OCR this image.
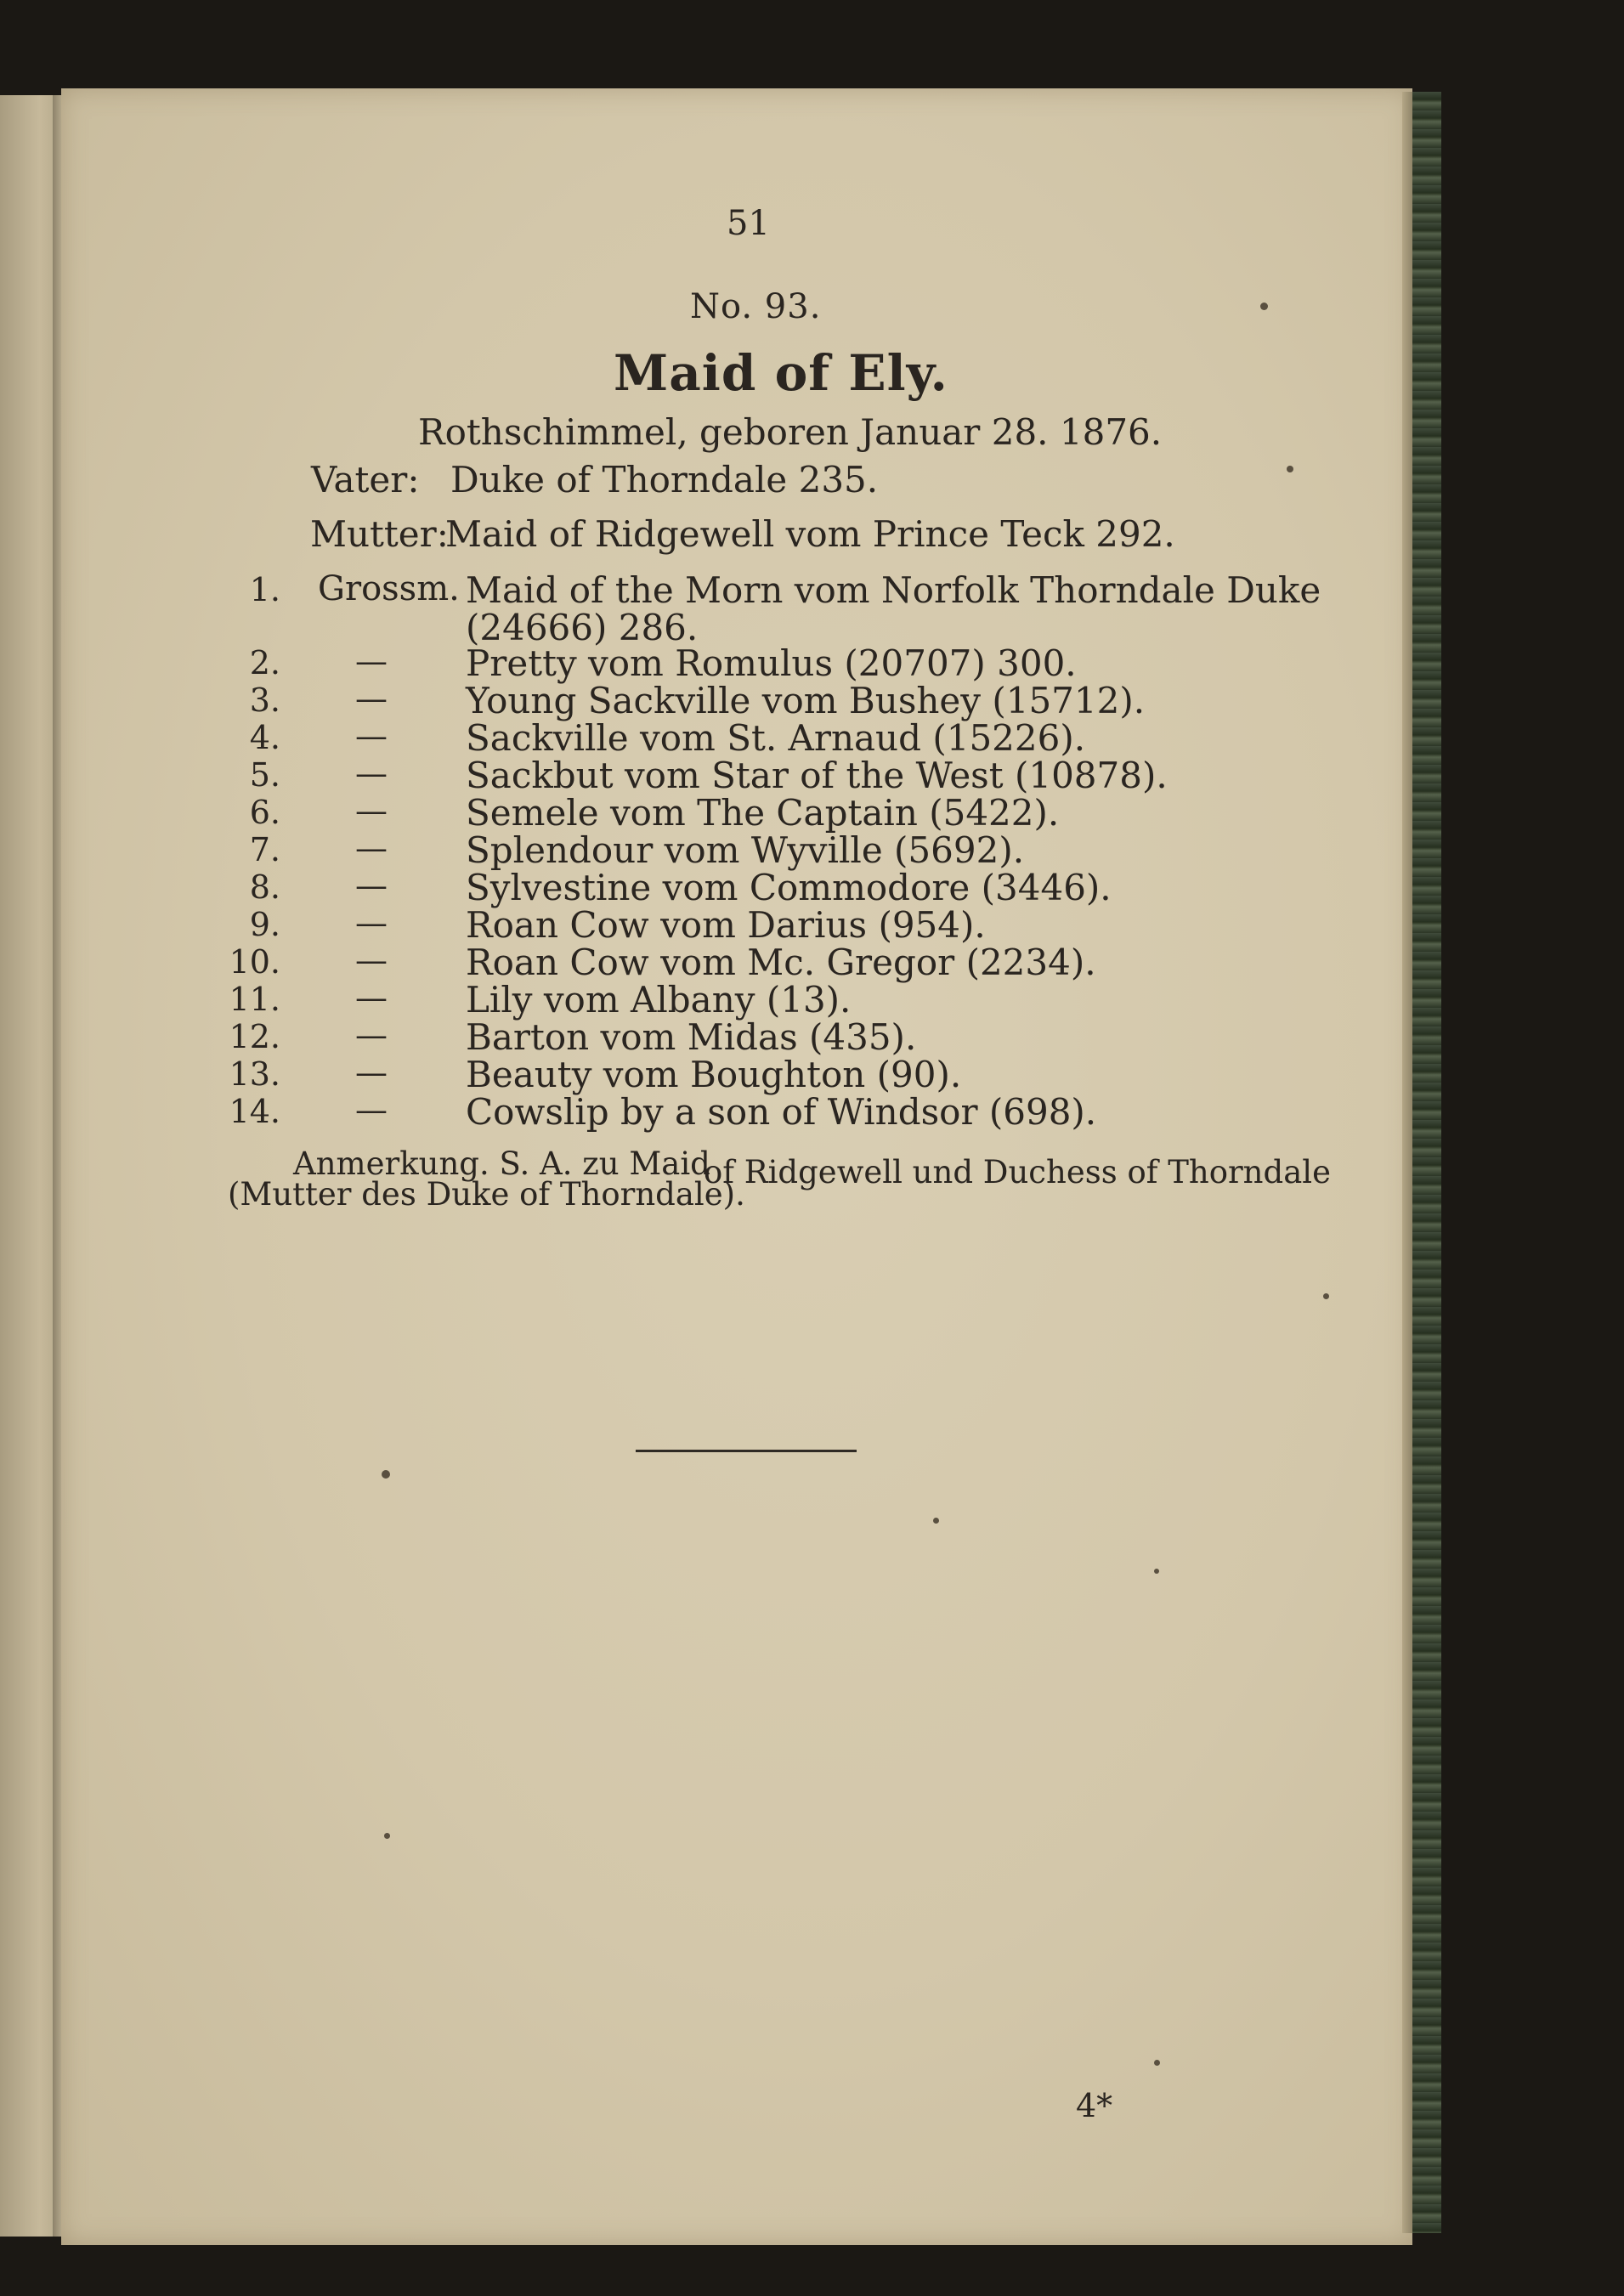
51
No. 93.
Maid of Ely.
Rothschimmel, geboren Januar 28. 1876.
Vater: Duke of Thorndale 235.
Mutter:
Maid of Ridgewell vom Prince Teck 292.
1. Grossm. Maid of the Morn vom Norfolk Thorndale Duke
(24666) 286.
2. — Pretty vom Romulus (20707) 300.
3. — Young Sackville vom Bushey (15712).
4. — Sackville vom St. Arnaud (15226).
5. — Sackbut vom Star of the West (10878).
6. — Semele vom The Captain (5422).
7. — Splendour vom Wyville (5692).
8. — Sylvestine vom Commodore (3446).
9. — Roan Cow vom Darius (954).
10. — Roan Cow vom Mc. Gregor (2234).
11. — Lily vom Albany (13).
12. — Barton vom Midas (435).
13. — Beauty vom Boughton (90).
14. — Cowslip by a son of Windsor (698).
Anmerkung. S. A. zu Maid
of Ridgewell und Duchess of Thorndale
(Mutter des Duke of Thorndale).
4*
